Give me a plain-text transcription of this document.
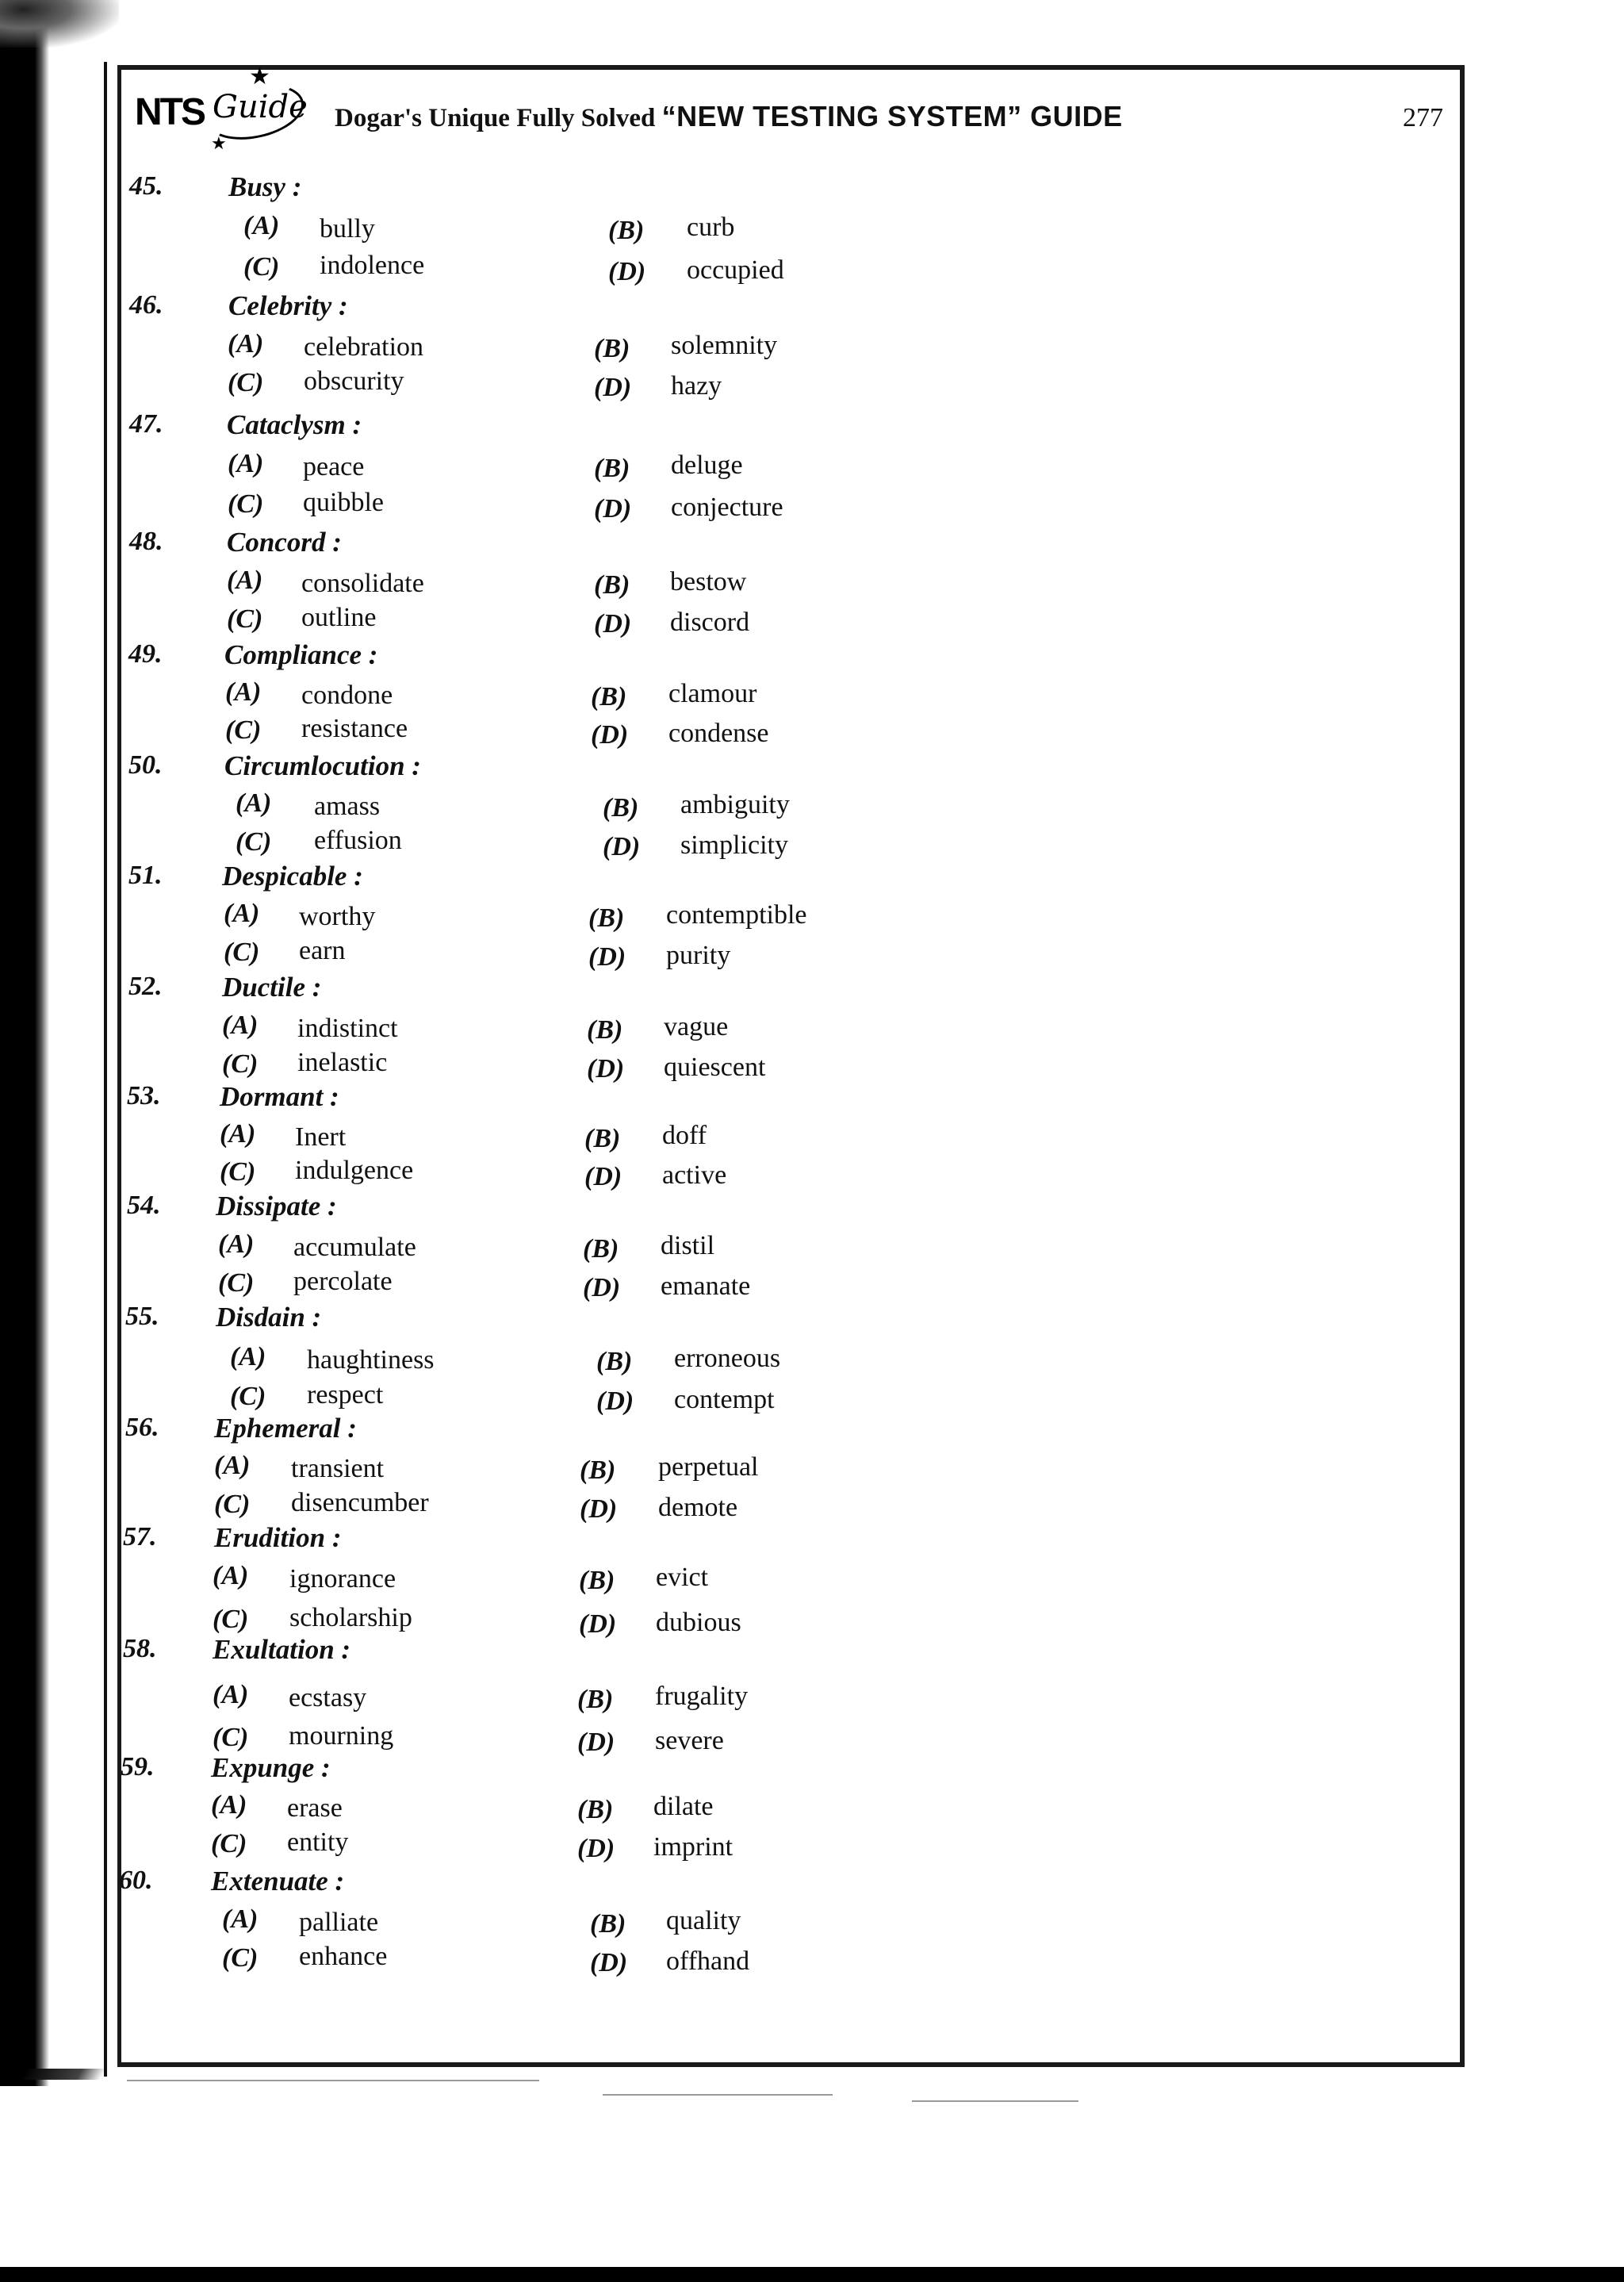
NTS Guide
★
★
Dogar's Unique Fully Solved “NEW TESTING SYSTEM” GUIDE	277
45. Busy :
(A) bully	(B) curb
(C) indolence	(D) occupied
46. Celebrity :
(A) celebration	(B) solemnity
(C) obscurity	(D) hazy
47. Cataclysm :
(A) peace	(B) deluge
(C) quibble	(D) conjecture
48. Concord :
(A) consolidate	(B) bestow
(C) outline	(D) discord
49. Compliance :
(A) condone	(B) clamour
(C) resistance	(D) condense
50. Circumlocution :
(A) amass	(B) ambiguity
(C) effusion	(D) simplicity
51. Despicable :
(A) worthy	(B) contemptible
(C) earn	(D) purity
52. Ductile :
(A) indistinct	(B) vague
(C) inelastic	(D) quiescent
53. Dormant :
(A) Inert	(B) doff
(C) indulgence	(D) active
54. Dissipate :
(A) accumulate	(B) distil
(C) percolate	(D) emanate
55. Disdain :
(A) haughtiness	(B) erroneous
(C) respect	(D) contempt
56. Ephemeral :
(A) transient	(B) perpetual
(C) disencumber	(D) demote
57. Erudition :
(A) ignorance	(B) evict
(C) scholarship	(D) dubious
58. Exultation :
(A) ecstasy	(B) frugality
(C) mourning	(D) severe
59. Expunge :
(A) erase	(B) dilate
(C) entity	(D) imprint
60. Extenuate :
(A) palliate	(B) quality
(C) enhance	(D) offhand
